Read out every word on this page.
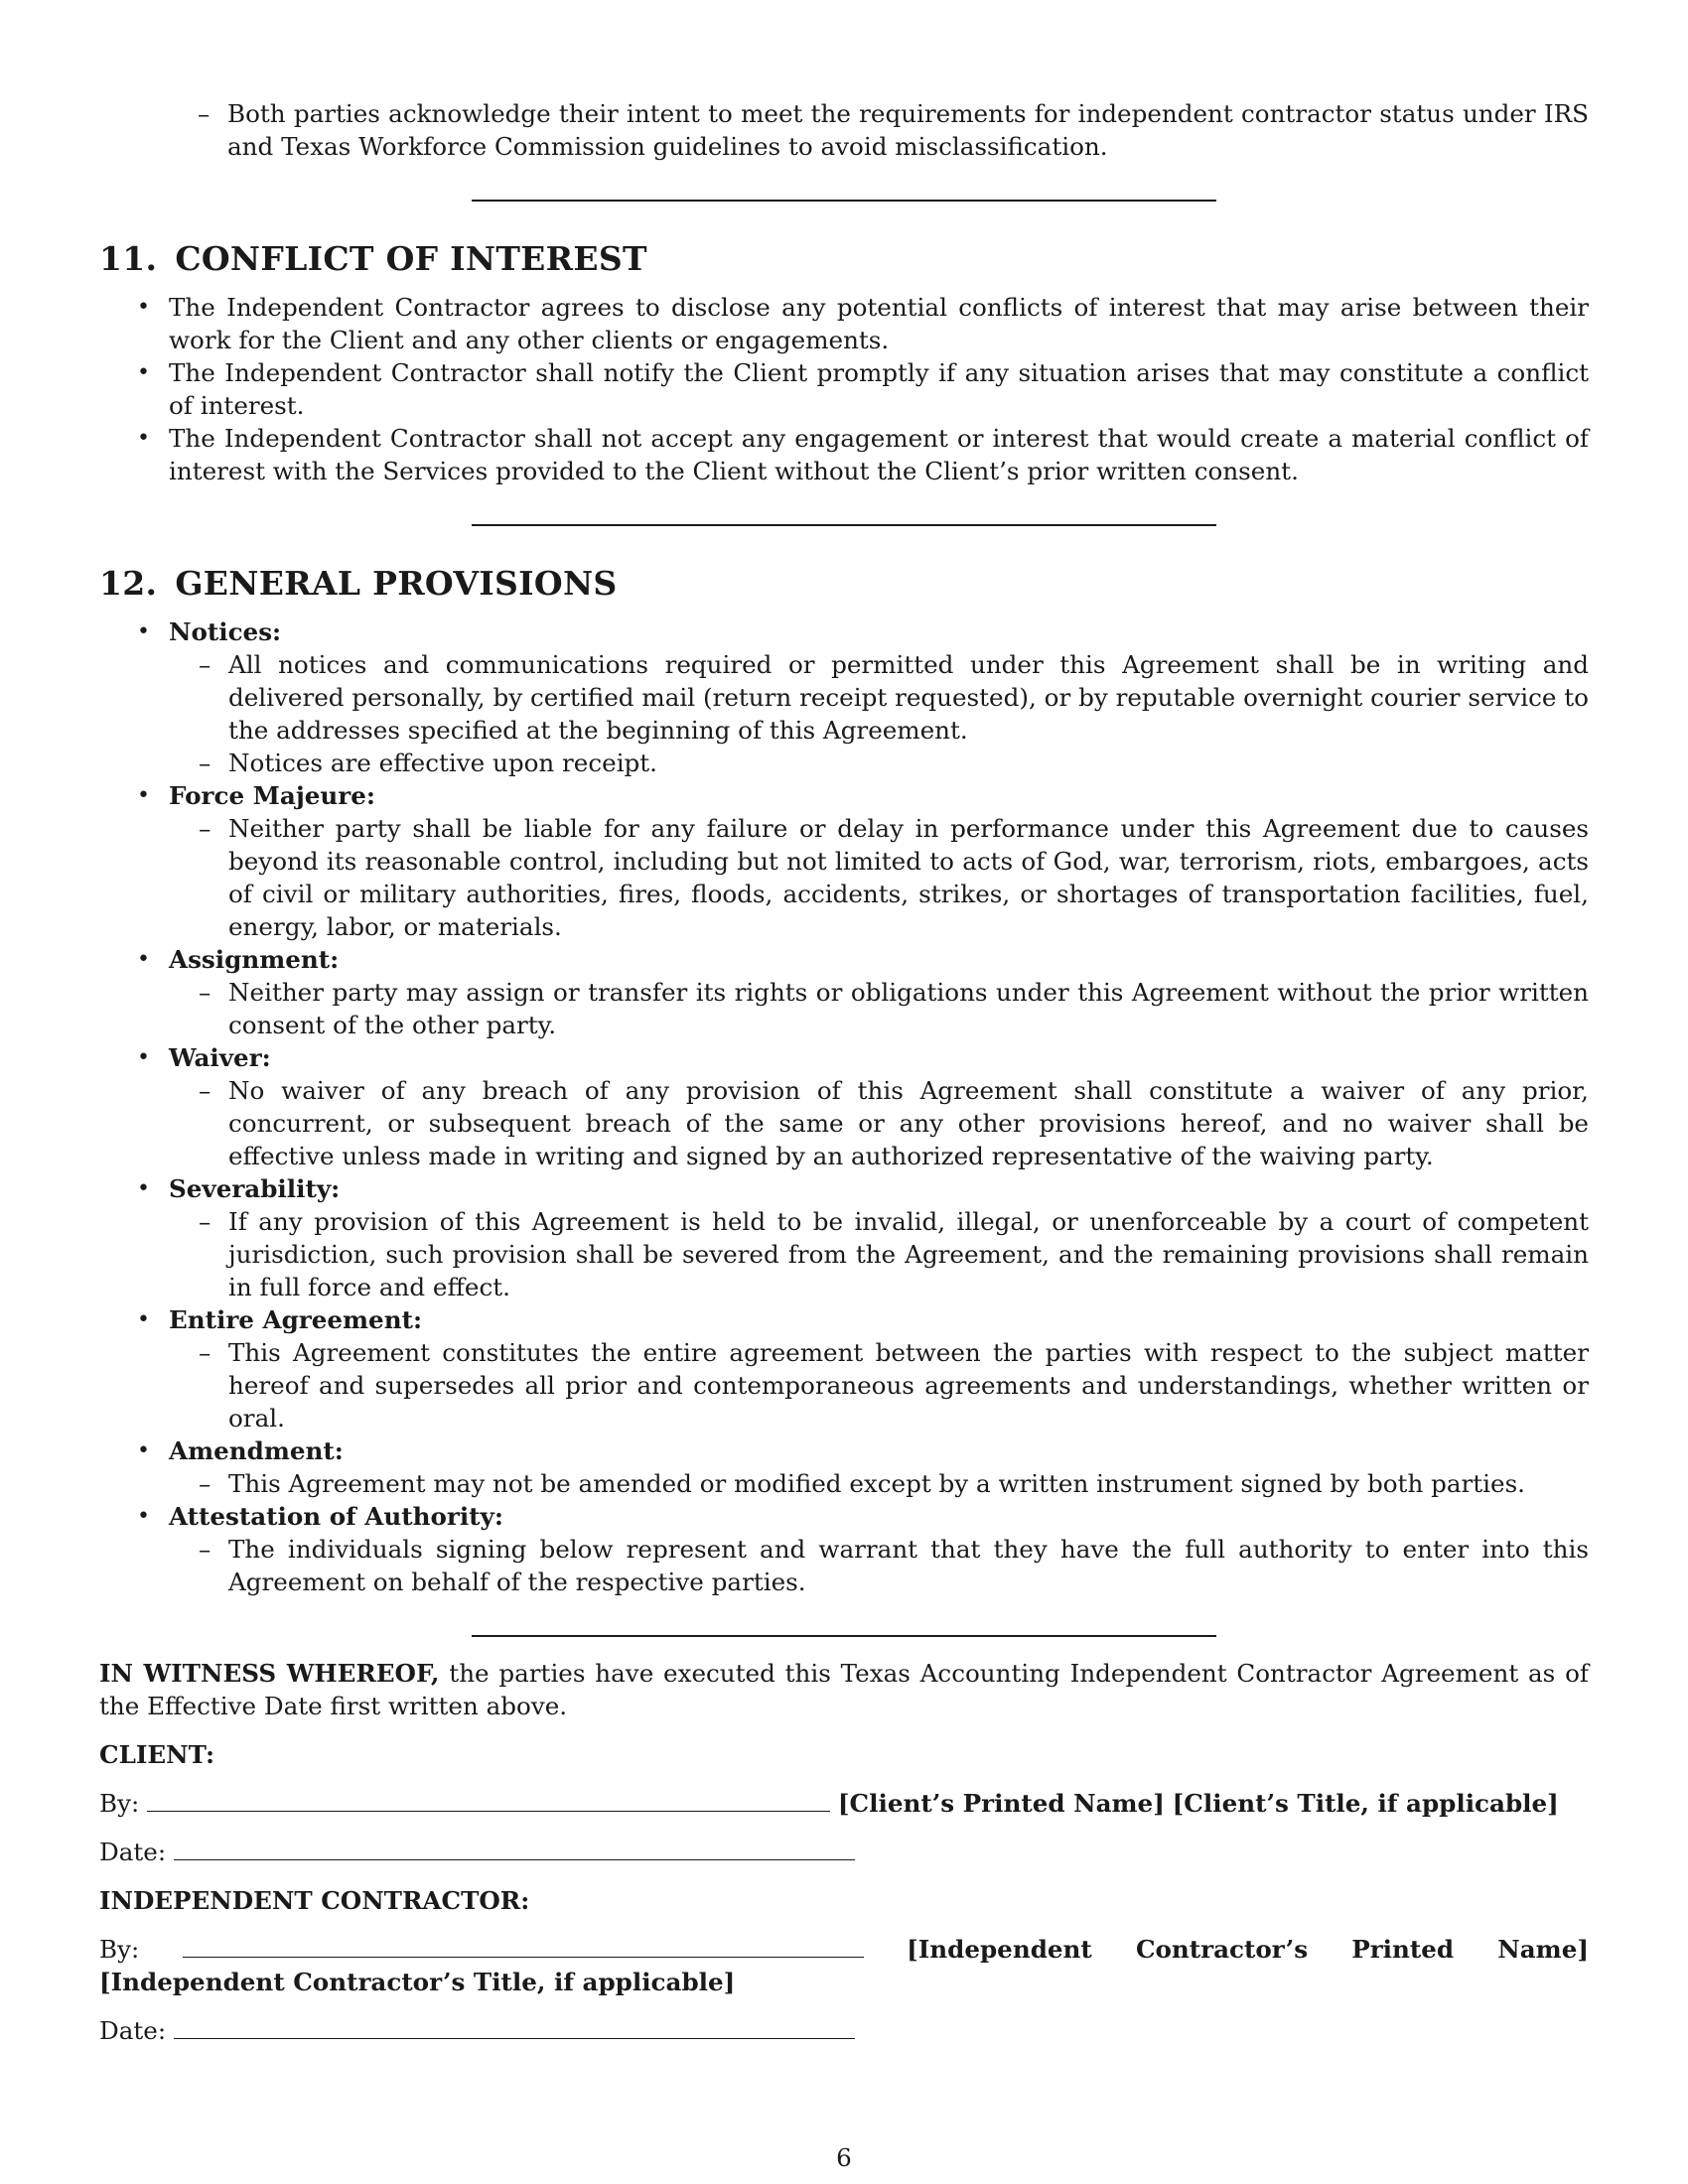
– Both parties acknowledge their intent to meet the requirements for independent contractor status under IRS and Texas Workforce Commission guidelines to avoid misclassification.
11. CONFLICT OF INTEREST
• The Independent Contractor agrees to disclose any potential conflicts of interest that may arise between their work for the Client and any other clients or engagements.
• The Independent Contractor shall notify the Client promptly if any situation arises that may constitute a conflict of interest.
• The Independent Contractor shall not accept any engagement or interest that would create a material conflict of interest with the Services provided to the Client without the Client’s prior written consent.
12. GENERAL PROVISIONS
• Notices:
– All notices and communications required or permitted under this Agreement shall be in writing and delivered personally, by certified mail (return receipt requested), or by reputable overnight courier service to the addresses specified at the beginning of this Agreement.
– Notices are effective upon receipt.
• Force Majeure:
– Neither party shall be liable for any failure or delay in performance under this Agreement due to causes beyond its reasonable control, including but not limited to acts of God, war, terrorism, riots, embargoes, acts of civil or military authorities, fires, floods, accidents, strikes, or shortages of transportation facilities, fuel, energy, labor, or materials.
• Assignment:
– Neither party may assign or transfer its rights or obligations under this Agreement without the prior written consent of the other party.
• Waiver:
– No waiver of any breach of any provision of this Agreement shall constitute a waiver of any prior, concurrent, or subsequent breach of the same or any other provisions hereof, and no waiver shall be effective unless made in writing and signed by an authorized representative of the waiving party.
• Severability:
– If any provision of this Agreement is held to be invalid, illegal, or unenforceable by a court of competent jurisdiction, such provision shall be severed from the Agreement, and the remaining provisions shall remain in full force and effect.
• Entire Agreement:
– This Agreement constitutes the entire agreement between the parties with respect to the subject matter hereof and supersedes all prior and contemporaneous agreements and understandings, whether written or oral.
• Amendment:
– This Agreement may not be amended or modified except by a written instrument signed by both parties.
• Attestation of Authority:
– The individuals signing below represent and warrant that they have the full authority to enter into this Agreement on behalf of the respective parties.
IN WITNESS WHEREOF, the parties have executed this Texas Accounting Independent Contractor Agreement as of the Effective Date first written above.
CLIENT:
By:	[Client’s Printed Name] [Client’s Title, if applicable]
Date:
INDEPENDENT CONTRACTOR:
By:	[Independent Contractor’s Printed Name] [Independent Contractor’s Title, if applicable]
Date:
6
